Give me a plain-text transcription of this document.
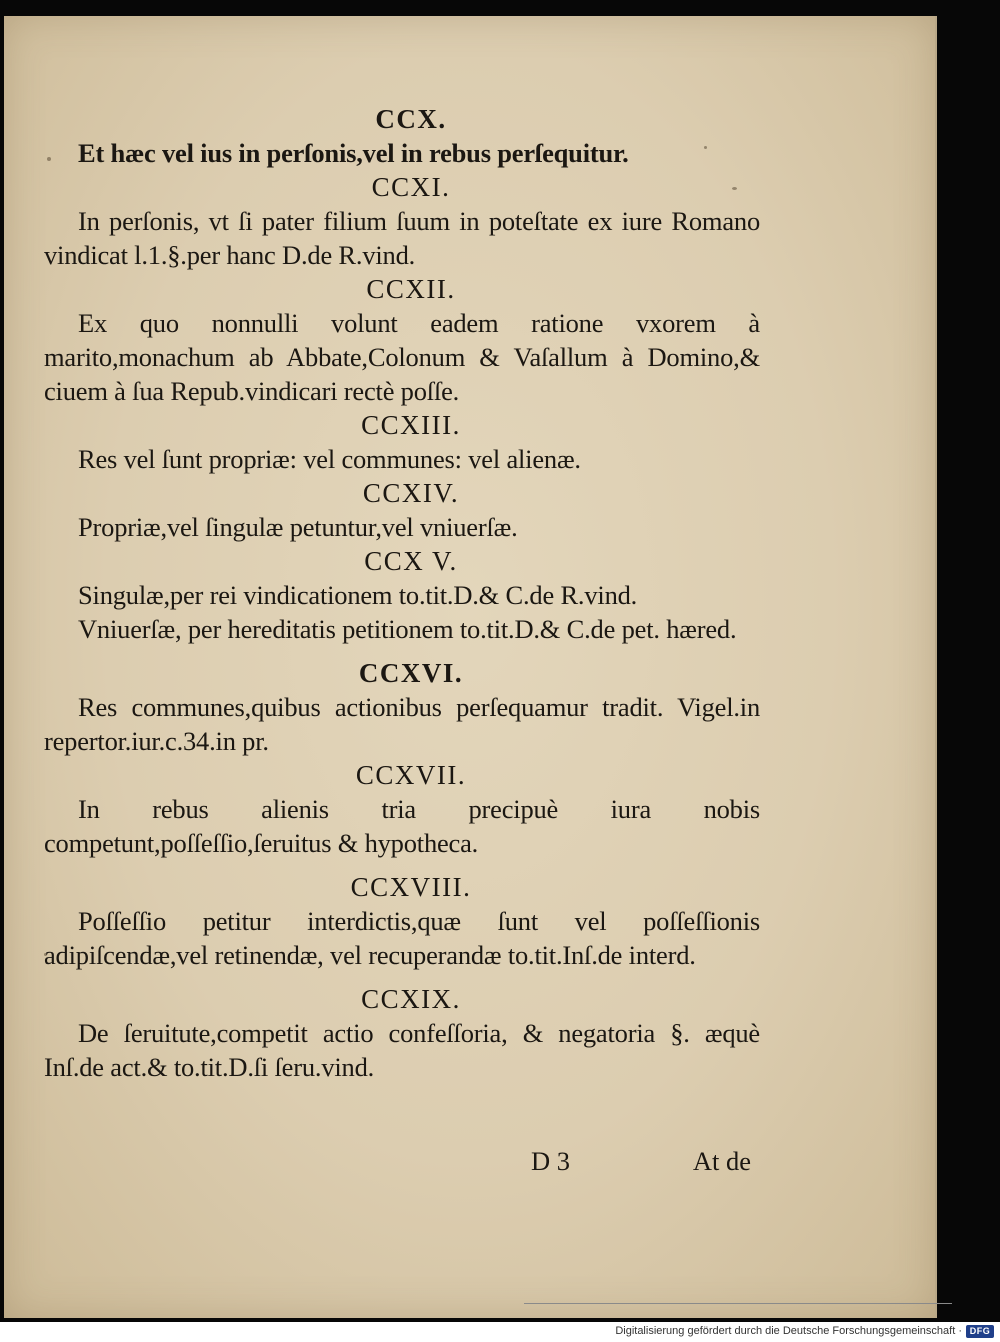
CCX.

Et hæc vel ius in perſonis,vel in rebus perſequitur.

CCXI.

In perſonis, vt ſi pater filium ſuum in poteſtate ex iure Romano vindicat l.1.§.per hanc D.de R.vind.

CCXII.

Ex quo nonnulli volunt eadem ratione vxorem à marito,monachum ab Abbate,Colonum & Vaſallum à Domino,& ciuem à ſua Repub.vindicari rectè poſſe.

CCXIII.

Res vel ſunt propriæ: vel communes: vel alienæ.

CCXIV.

Propriæ,vel ſingulæ petuntur,vel vniuerſæ.

CCX V.

Singulæ,per rei vindicationem to.tit.D.& C.de R.vind.

Vniuerſæ, per hereditatis petitionem to.tit.D.& C.de pet. hæred.

CCXVI.

Res communes,quibus actionibus perſequamur tradit. Vigel.in repertor.iur.c.34.in pr.

CCXVII.

In rebus alienis tria precipuè iura nobis competunt,poſſeſſio,ſeruitus & hypotheca.

CCXVIII.

Poſſeſſio petitur interdictis,quæ ſunt vel poſſeſſionis adipiſcendæ,vel retinendæ, vel recuperandæ to.tit.Inſ.de interd.

CCXIX.

De ſeruitute,competit actio confeſſoria, & negatoria §. æquè Inſ.de act.& to.tit.D.ſi ſeru.vind.

D 3	At de
Digitalisierung gefördert durch die Deutsche Forschungsgemeinschaft · DFG
